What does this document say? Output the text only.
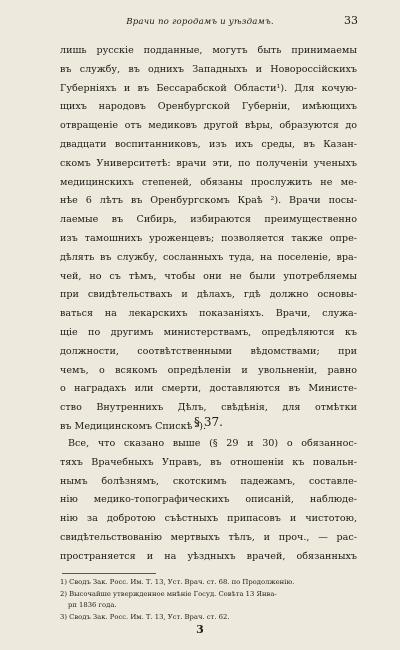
Врачи по городамъ и уѣздамъ.	33
лишь русскіе подданные, могутъ быть принимаемы
въ службу, въ однихъ Западныхъ и Новороссійскихъ
Губерніяхъ и въ Бессарабской Области¹). Для кочую-
щихъ народовъ Оренбургской Губерніи, имѣющихъ
отвращеніе отъ медиковъ другой вѣры, образуются до
двадцати воспитанниковъ, изъ ихъ среды, въ Казан-
скомъ Университетѣ: врачи эти, по полученіи ученыхъ
медицинскихъ степеней, обязаны прослужить не ме-
нѣе 6 лѣтъ въ Оренбургскомъ Краѣ ²). Врачи посы-
лаемые въ Сибирь, избираются преимущественно
изъ тамошнихъ уроженцевъ; позволяется также опре-
дѣлять въ службу, сосланныхъ туда, на поселеніе, вра-
чей, но съ тѣмъ, чтобы они не были употребляемы
при свидѣтельствахъ и дѣлахъ, гдѣ должно основы-
ваться на лекарскихъ показаніяхъ. Врачи, служа-
щіе по другимъ министерствамъ, опредѣляются къ
должности, соотвѣтственными вѣдомствами; при
чемъ, о всякомъ опредѣленіи и увольненіи, равно
о наградахъ или смерти, доставляются въ Министе-
ство Внутреннихъ Дѣлъ, свѣдѣнія, для отмѣтки
въ Медицинскомъ Спискѣ ³).
§ 37.
Все, что сказано выше (§ 29 и 30) о обязаннос-
тяхъ Врачебныхъ Управъ, въ отношеніи къ повальн-
нымъ болѣзнямъ, скотскимъ падежамъ, составле-
нію медико-топографическихъ описаній, наблюде-
нію за добротою съѣстныхъ припасовъ и чистотою,
свидѣтельствованію мертвыхъ тѣлъ, и проч., — рас-
пространяется и на уѣздныхъ врачей, обязанныхъ
1) Сводъ Зак. Росс. Им. Т. 13, Уст. Врач. ст. 68. по Продолженію.
2) Высочайше утвержденное мнѣніе Госуд. Совѣта 13 Янва-
рп 1836 года.
3) Сводъ Зак. Росс. Им. Т. 13, Уст. Врач. ст. 62.
3
